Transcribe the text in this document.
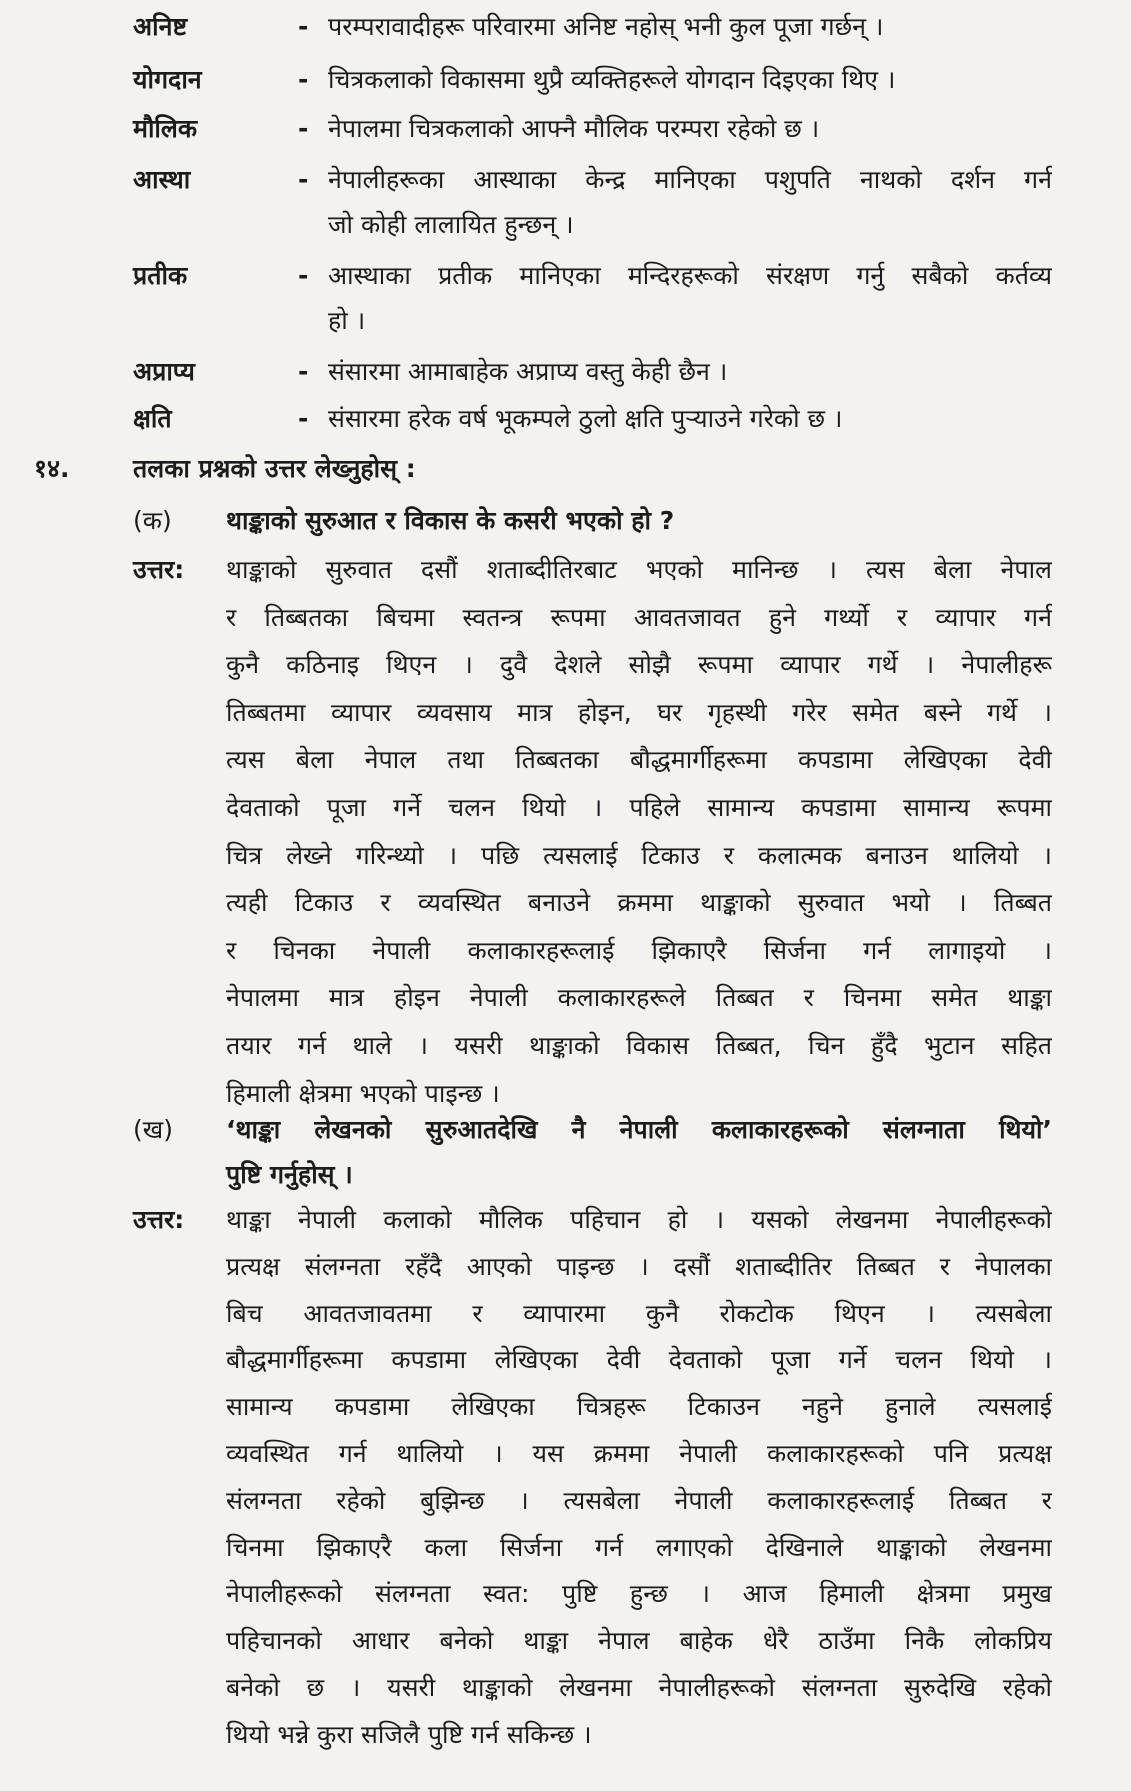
अनिष्ट	- परम्परावादीहरू परिवारमा अनिष्ट नहोस् भनी कुल पूजा गर्छन् ।
योगदान	- चित्रकलाको विकासमा थुप्रै व्यक्तिहरूले योगदान दिइएका थिए ।
मौलिक	- नेपालमा चित्रकलाको आफ्नै मौलिक परम्परा रहेको छ ।
आस्था	- नेपालीहरूका आस्थाका केन्द्र मानिएका पशुपति नाथको दर्शन गर्न
जो कोही लालायित हुन्छन् ।
प्रतीक	- आस्थाका प्रतीक मानिएका मन्दिरहरूको संरक्षण गर्नु सबैको कर्तव्य
हो ।
अप्राप्य	- संसारमा आमाबाहेक अप्राप्य वस्तु केही छैन ।
क्षति	- संसारमा हरेक वर्ष भूकम्पले ठुलो क्षति पुऱ्याउने गरेको छ ।
१४.	तलका प्रश्नको उत्तर लेख्नुहोस् :
(क) थाङ्काको सुरुआत र विकास के कसरी भएको हो ?
उत्तर: थाङ्काको सुरुवात दसौं शताब्दीतिरबाट भएको मानिन्छ । त्यस बेला नेपाल
र तिब्बतका बिचमा स्वतन्त्र रूपमा आवतजावत हुने गर्थ्यो र व्यापार गर्न
कुनै कठिनाइ थिएन । दुवै देशले सोझै रूपमा व्यापार गर्थे । नेपालीहरू
तिब्बतमा व्यापार व्यवसाय मात्र होइन, घर गृहस्थी गरेर समेत बस्ने गर्थे ।
त्यस बेला नेपाल तथा तिब्बतका बौद्धमार्गीहरूमा कपडामा लेखिएका देवी
देवताको पूजा गर्ने चलन थियो । पहिले सामान्य कपडामा सामान्य रूपमा
चित्र लेख्ने गरिन्थ्यो । पछि त्यसलाई टिकाउ र कलात्मक बनाउन थालियो ।
त्यही टिकाउ र व्यवस्थित बनाउने क्रममा थाङ्काको सुरुवात भयो । तिब्बत
र चिनका नेपाली कलाकारहरूलाई झिकाएरै सिर्जना गर्न लागाइयो ।
नेपालमा मात्र होइन नेपाली कलाकारहरूले तिब्बत र चिनमा समेत थाङ्का
तयार गर्न थाले । यसरी थाङ्काको विकास तिब्बत, चिन हुँदै भुटान सहित
हिमाली क्षेत्रमा भएको पाइन्छ ।
(ख) ‘थाङ्का लेखनको सुरुआतदेखि नै नेपाली कलाकारहरूको संलग्नाता थियो’
पुष्टि गर्नुहोस् ।
उत्तर: थाङ्का नेपाली कलाको मौलिक पहिचान हो । यसको लेखनमा नेपालीहरूको
प्रत्यक्ष संलग्नता रहँदै आएको पाइन्छ । दसौं शताब्दीतिर तिब्बत र नेपालका
बिच आवतजावतमा र व्यापारमा कुनै रोकटोक थिएन । त्यसबेला
बौद्धमार्गीहरूमा कपडामा लेखिएका देवी देवताको पूजा गर्ने चलन थियो ।
सामान्य कपडामा लेखिएका चित्रहरू टिकाउन नहुने हुनाले त्यसलाई
व्यवस्थित गर्न थालियो । यस क्रममा नेपाली कलाकारहरूको पनि प्रत्यक्ष
संलग्नता रहेको बुझिन्छ । त्यसबेला नेपाली कलाकारहरूलाई तिब्बत र
चिनमा झिकाएरै कला सिर्जना गर्न लगाएको देखिनाले थाङ्काको लेखनमा
नेपालीहरूको संलग्नता स्वत: पुष्टि हुन्छ । आज हिमाली क्षेत्रमा प्रमुख
पहिचानको आधार बनेको थाङ्का नेपाल बाहेक धेरै ठाउँमा निकै लोकप्रिय
बनेको छ । यसरी थाङ्काको लेखनमा नेपालीहरूको संलग्नता सुरुदेखि रहेको
थियो भन्ने कुरा सजिलै पुष्टि गर्न सकिन्छ ।
